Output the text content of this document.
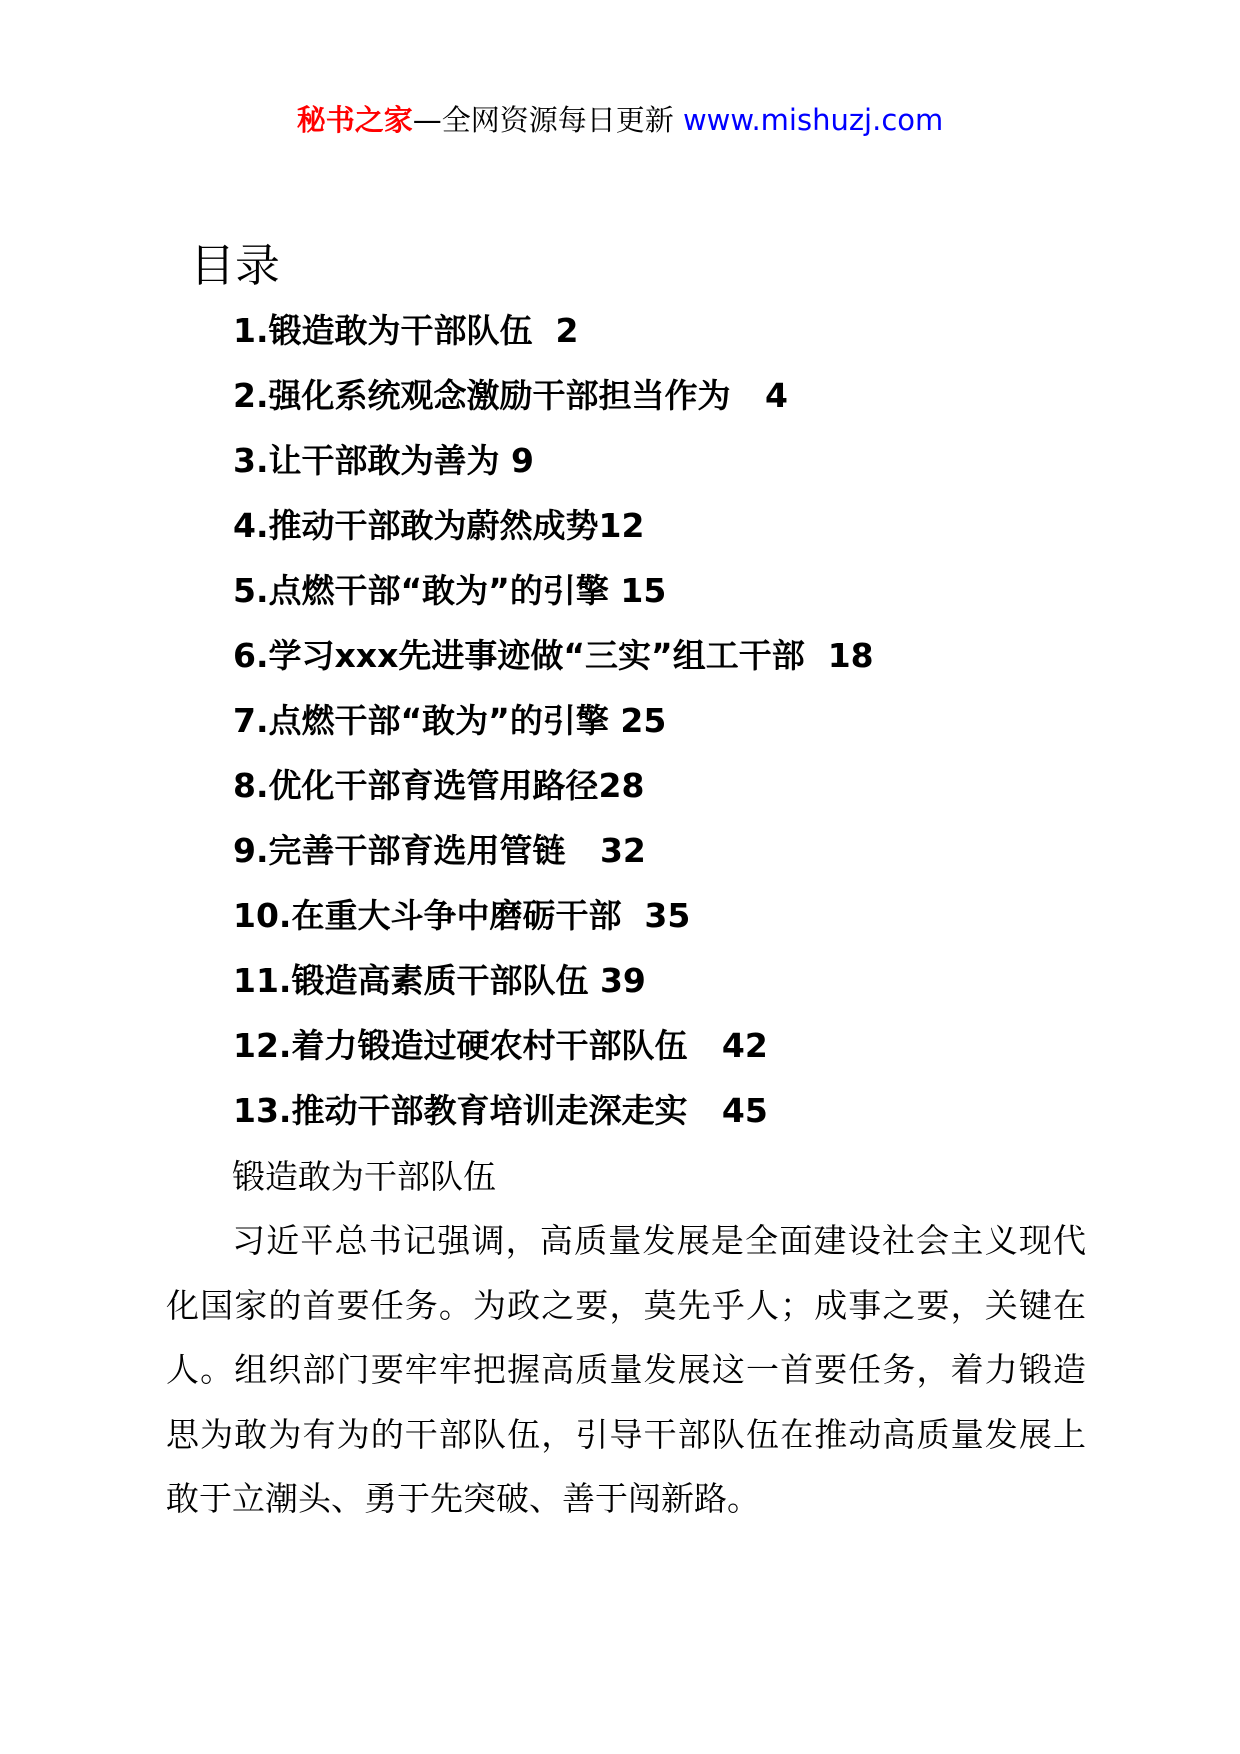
秘书之家—全网资源每日更新 www.mishuzj.com
目录
1.锻造敢为干部队伍  2
2.强化系统观念激励干部担当作为   4
3.让干部敢为善为 9
4.推动干部敢为蔚然成势12
5.点燃干部“敢为”的引擎 15
6.学习xxx先进事迹做“三实”组工干部  18
7.点燃干部“敢为”的引擎 25
8.优化干部育选管用路径28
9.完善干部育选用管链   32
10.在重大斗争中磨砺干部  35
11.锻造高素质干部队伍 39
12.着力锻造过硬农村干部队伍   42
13.推动干部教育培训走深走实   45
锻造敢为干部队伍

习近平总书记强调，高质量发展是全面建设社会主义现代化国家的首要任务。为政之要，莫先乎人；成事之要，关键在人。组织部门要牢牢把握高质量发展这一首要任务，着力锻造思为敢为有为的干部队伍，引导干部队伍在推动高质量发展上敢于立潮头、勇于先突破、善于闯新路。
